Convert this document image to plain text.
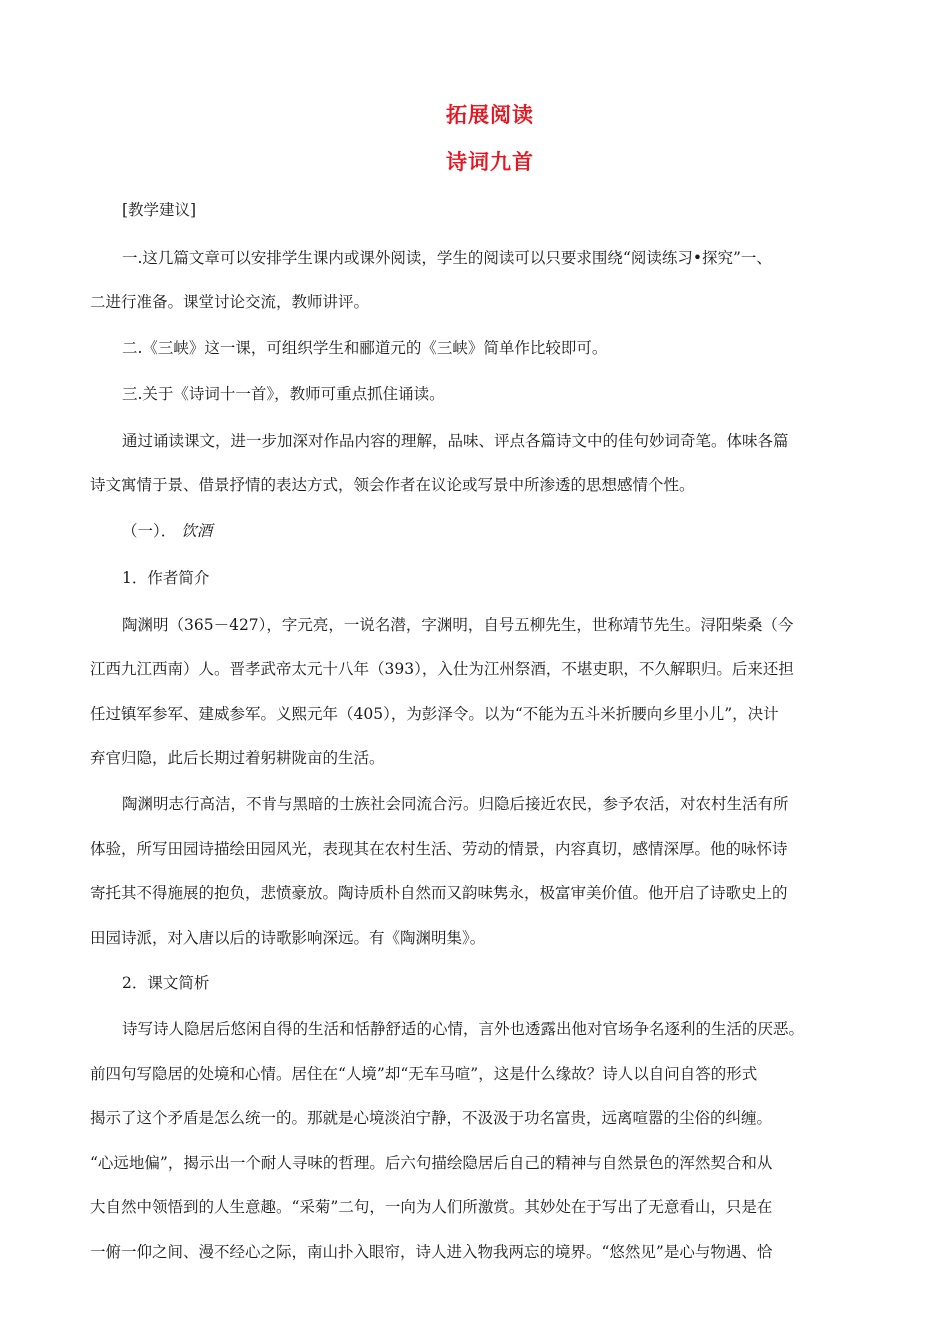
拓展阅读
诗词九首
[教学建议]
一.这几篇文章可以安排学生课内或课外阅读，学生的阅读可以只要求围绕“阅读练习•探究”一、
二进行准备。课堂讨论交流，教师讲评。
二.《三峡》这一课，可组织学生和郦道元的《三峡》简单作比较即可。
三.关于《诗词十一首》，教师可重点抓住诵读。
通过诵读课文，进一步加深对作品内容的理解，品味、评点各篇诗文中的佳句妙词奇笔。体味各篇
诗文寓情于景、借景抒情的表达方式，领会作者在议论或写景中所渗透的思想感情个性。
（一）． 饮酒
1．作者简介
陶渊明（365－427），字元亮，一说名潜，字渊明，自号五柳先生，世称靖节先生。浔阳柴桑（今
江西九江西南）人。晋孝武帝太元十八年（393），入仕为江州祭酒，不堪吏职，不久解职归。后来还担
任过镇军参军、建威参军。义熙元年（405），为彭泽令。以为“不能为五斗米折腰向乡里小儿”，决计
弃官归隐，此后长期过着躬耕陇亩的生活。
陶渊明志行高洁，不肯与黑暗的士族社会同流合污。归隐后接近农民，参予农活，对农村生活有所
体验，所写田园诗描绘田园风光，表现其在农村生活、劳动的情景，内容真切，感情深厚。他的咏怀诗
寄托其不得施展的抱负，悲愤豪放。陶诗质朴自然而又韵味隽永，极富审美价值。他开启了诗歌史上的
田园诗派，对入唐以后的诗歌影响深远。有《陶渊明集》。
2．课文简析
诗写诗人隐居后悠闲自得的生活和恬静舒适的心情，言外也透露出他对官场争名逐利的生活的厌恶。
前四句写隐居的处境和心情。居住在“人境”却“无车马喧”，这是什么缘故？诗人以自问自答的形式
揭示了这个矛盾是怎么统一的。那就是心境淡泊宁静，不汲汲于功名富贵，远离喧嚣的尘俗的纠缠。
“心远地偏”，揭示出一个耐人寻味的哲理。后六句描绘隐居后自己的精神与自然景色的浑然契合和从
大自然中领悟到的人生意趣。“采菊”二句，一向为人们所激赏。其妙处在于写出了无意看山，只是在
一俯一仰之间、漫不经心之际，南山扑入眼帘，诗人进入物我两忘的境界。“悠然见”是心与物遇、恰
